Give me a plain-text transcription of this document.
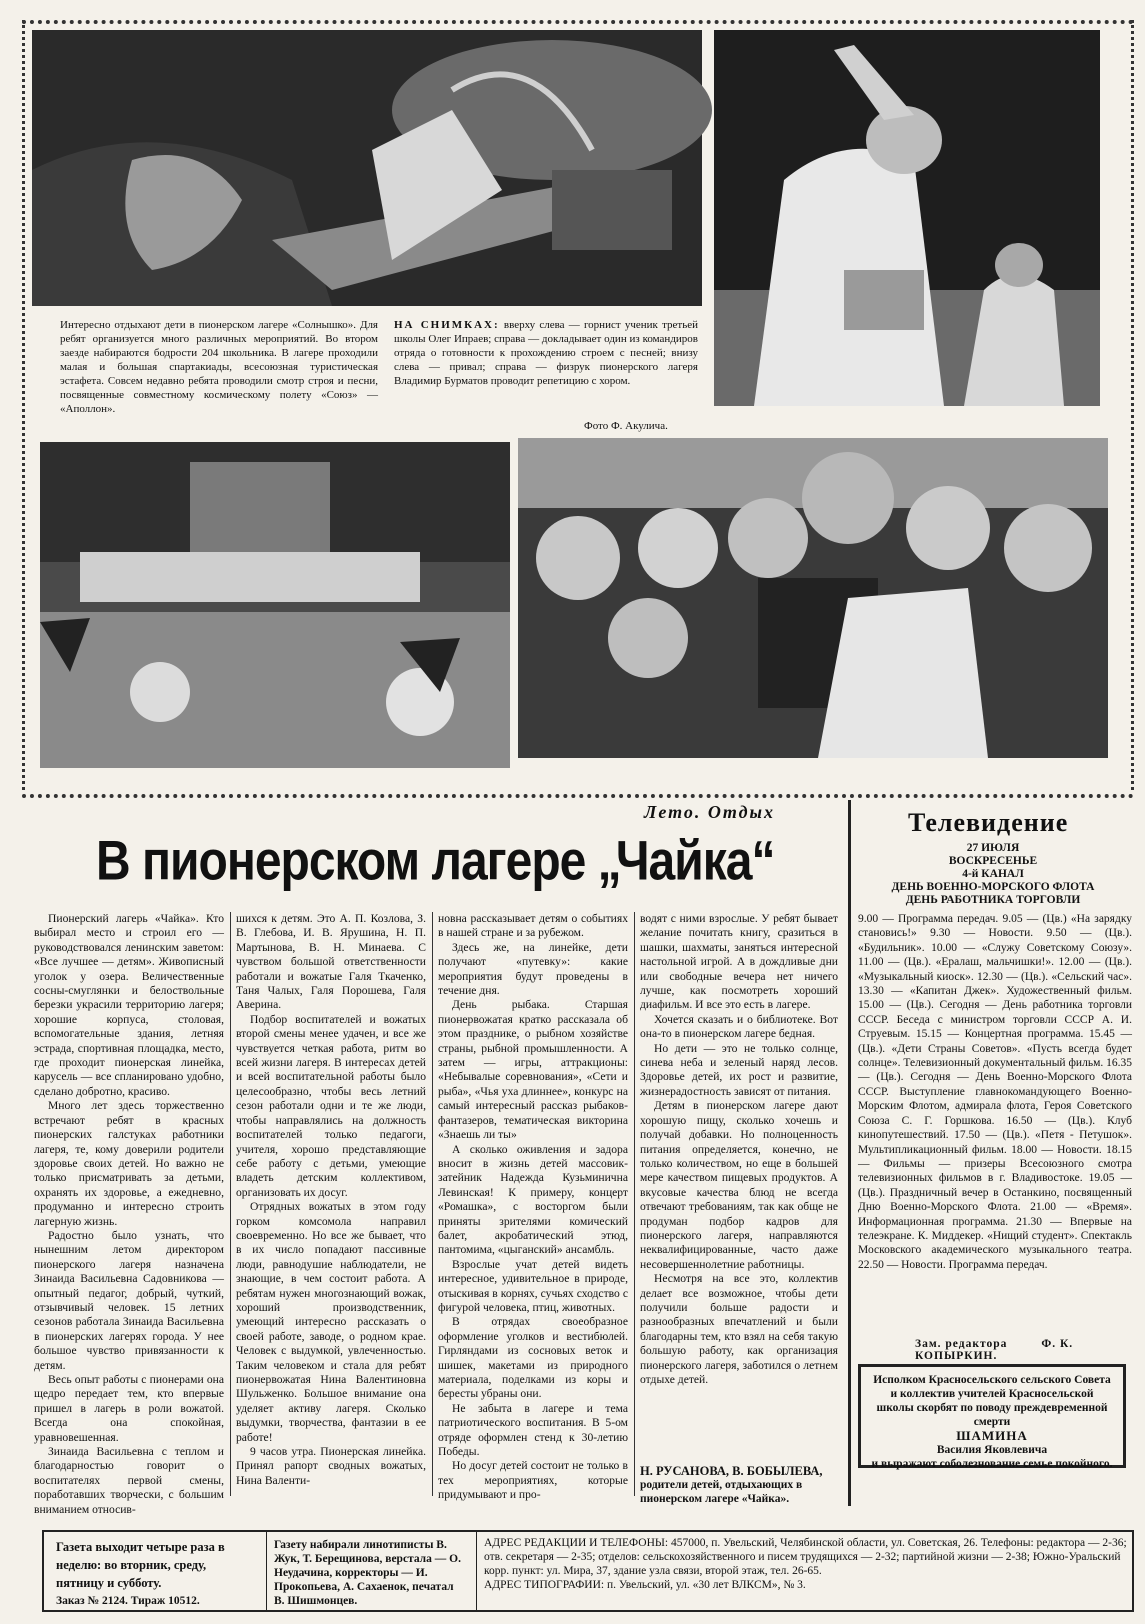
Интересно отдыхают дети в пионерском лагере «Солнышко». Для ребят организуется много различных мероприятий. Во втором заезде набираются бодрости 204 школьника. В лагере проходили малая и большая спартакиады, всесоюзная туристическая эстафета. Совсем недавно ребята проводили смотр строя и песни, посвященные совместному космическому полету «Союз» — «Аполлон».
НА СНИМКАХ: вверху слева — горнист ученик третьей школы Олег Ипраев; справа — докладывает один из командиров отряда о готовности к прохождению строем с песней; внизу слева — привал; справа — физрук пионерского лагеря Владимир Бурматов проводит репетицию с хором.
Фото Ф. Акулича.
Лето. Отдых
В пионерском лагере „Чайка“

Пионерский лагерь «Чайка». Кто выбирал место и строил его — руководствовался ленинским заветом: «Все лучшее — детям». Живописный уголок у озера. Величественные сосны-смуглянки и белоствольные березки украсили территорию лагеря; хорошие корпуса, столовая, вспомогательные здания, летняя эстрада, спортивная площадка, место, где проходит пионерская линейка, карусель — все спланировано удобно, сделано добротно, красиво.

Много лет здесь торжественно встречают ребят в красных пионерских галстуках работники лагеря, те, кому доверили родители здоровье своих детей. Но важно не только присматривать за детьми, охранять их здоровье, а ежедневно, продуманно и интересно строить лагерную жизнь.

Радостно было узнать, что нынешним летом директором пионерского лагеря назначена Зинаида Васильевна Садовникова — опытный педагог, добрый, чуткий, отзывчивый человек. 15 летних сезонов работала Зинаида Васильевна в пионерских лагерях города. У нее большое чувство привязанности к детям.

Весь опыт работы с пионерами она щедро передает тем, кто впервые пришел в лагерь в роли вожатой. Всегда она спокойная, уравновешенная.

Зинаида Васильевна с теплом и благодарностью говорит о воспитателях первой смены, поработавших творчески, с большим вниманием относив-

шихся к детям. Это А. П. Козлова, З. В. Глебова, И. В. Ярушина, Н. П. Мартынова, В. Н. Минаева. С чувством большой ответственности работали и вожатые Галя Ткаченко, Таня Чалых, Галя Порошева, Галя Аверина.

Подбор воспитателей и вожатых второй смены менее удачен, и все же чувствуется четкая работа, ритм во всей жизни лагеря. В интересах детей и всей воспитательной работы было целесообразно, чтобы весь летний сезон работали одни и те же люди, чтобы направлялись на должность воспитателей только педагоги, учителя, хорошо представляющие себе работу с детьми, умеющие владеть детским коллективом, организовать их досуг.

Отрядных вожатых в этом году горком комсомола направил своевременно. Но все же бывает, что в их число попадают пассивные люди, равнодушие наблюдатели, не знающие, в чем состоит работа. А ребятам нужен многознающий вожак, хороший производственник, умеющий интересно рассказать о своей работе, заводе, о родном крае. Человек с выдумкой, увлеченностью. Таким человеком и стала для ребят пионервожатая Нина Валентиновна Шульженко. Большое внимание она уделяет активу лагеря. Сколько выдумки, творчества, фантазии в ее работе!

9 часов утра. Пионерская линейка. Принял рапорт сводных вожатых, Нина Валенти-

новна рассказывает детям о событиях в нашей стране и за рубежом.

Здесь же, на линейке, дети получают «путевку»: какие мероприятия будут проведены в течение дня.

День рыбака. Старшая пионервожатая кратко рассказала об этом празднике, о рыбном хозяйстве страны, рыбной промышленности. А затем — игры, аттракционы: «Небывалые соревнования», «Сети и рыба», «Чья уха длиннее», конкурс на самый интересный рассказ рыбаков-фантазеров, тематическая викторина «Знаешь ли ты»

А сколько оживления и задора вносит в жизнь детей массовик-затейник Надежда Кузьминична Левинская! К примеру, концерт «Ромашка», с восторгом были приняты зрителями комический балет, акробатический этюд, пантомима, «цыганский» ансамбль.

Взрослые учат детей видеть интересное, удивительное в природе, отыскивая в корнях, сучьях сходство с фигурой человека, птиц, животных.

В отрядах своеобразное оформление уголков и вестибюлей. Гирляндами из сосновых веток и шишек, макетами из природного материала, поделками из коры и бересты убраны они.

Не забыта в лагере и тема патриотического воспитания. В 5-ом отряде оформлен стенд к 30-летию Победы.

Но досуг детей состоит не только в тех мероприятиях, которые придумывают и про-

водят с ними взрослые. У ребят бывает желание почитать книгу, сразиться в шашки, шахматы, заняться интересной настольной игрой. А в дождливые дни или свободные вечера нет ничего лучше, как посмотреть хороший диафильм. И все это есть в лагере.

Хочется сказать и о библиотеке. Вот она-то в пионерском лагере бедная.

Но дети — это не только солнце, синева неба и зеленый наряд лесов. Здоровье детей, их рост и развитие, жизнерадостность зависят от питания.

Детям в пионерском лагере дают хорошую пищу, сколько хочешь и получай добавки. Но полноценность питания определяется, конечно, не только количеством, но еще в большей мере качеством пищевых продуктов. А вкусовые качества блюд не всегда отвечают требованиям, так как обще не продуман подбор кадров для пионерского лагеря, направляются неквалифицированные, часто даже несовершеннолетние работницы.

Несмотря на все это, коллектив делает все возможное, чтобы дети получили больше радости и разнообразных впечатлений и были благодарны тем, кто взял на себя такую большую работу, как организация пионерского лагеря, заботился о летнем отдыхе детей.

Н. РУСАНОВА, В. БОБЫЛЕВА,
родители детей, отдыхающих в пионерском лагере «Чайка».
Телевидение
27 ИЮЛЯ
ВОСКРЕСЕНЬЕ
4-й КАНАЛ
ДЕНЬ ВОЕННО-МОРСКОГО ФЛОТА
ДЕНЬ РАБОТНИКА ТОРГОВЛИ
9.00 — Программа передач. 9.05 — (Цв.) «На зарядку становись!» 9.30 — Новости. 9.50 — (Цв.). «Будильник». 10.00 — «Служу Советскому Союзу». 11.00 — (Цв.). «Ералаш, мальчишки!». 12.00 — (Цв.). «Музыкальный киоск». 12.30 — (Цв.). «Сельский час». 13.30 — «Капитан Джек». Художественный фильм. 15.00 — (Цв.). Сегодня — День работника торговли СССР. Беседа с министром торговли СССР А. И. Струевым. 15.15 — Концертная программа. 15.45 — (Цв.). «Дети Страны Советов». «Пусть всегда будет солнце». Телевизионный документальный фильм. 16.35 — (Цв.). Сегодня — День Военно-Морского Флота СССР. Выступление главнокомандующего Военно-Морским Флотом, адмирала флота, Героя Советского Союза С. Г. Горшкова. 16.50 — (Цв.). Клуб кинопутешествий. 17.50 — (Цв.). «Петя - Петушок». Мультипликационный фильм. 18.00 — Новости. 18.15 — Фильмы — призеры Всесоюзного смотра телевизионных фильмов в г. Владивостоке. 19.05 — (Цв.). Праздничный вечер в Останкино, посвященный Дню Военно-Морского Флота. 21.00 — «Время». Информационная программа. 21.30 — Впервые на телеэкране. К. Миддекер. «Нищий студент». Спектакль Московского академического музыкального театра. 22.50 — Новости. Программа передач.
Зам. редактора	Ф. К. КОПЫРКИН.
Исполком Красносельского сельского Совета и коллектив учителей Красносельской школы скорбят по поводу преждевременной смерти
ШАМИНА
Василия Яковлевича
и выражают соболезнование семье покойного.
Газета выходит четыре раза в неделю: во вторник, среду, пятницу и субботу.
Заказ № 2124. Тираж 10512.
Газету набирали линотиписты В. Жук, Т. Берещинова, верстала — О. Неудачина, корректоры — И. Прокопьева, А. Сахаенок, печатал В. Шишмонцев.
АДРЕС РЕДАКЦИИ И ТЕЛЕФОНЫ: 457000, п. Увельский, Челябинской области, ул. Советская, 26. Телефоны: редактора — 2-36; отв. секретаря — 2-35; отделов: сельскохозяйственного и писем трудящихся — 2-32; партийной жизни — 2-38; Южно-Уральский корр. пункт: ул. Мира, 37, здание узла связи, второй этаж, тел. 26-65.
АДРЕС ТИПОГРАФИИ: п. Увельский, ул. «30 лет ВЛКСМ», № 3.
